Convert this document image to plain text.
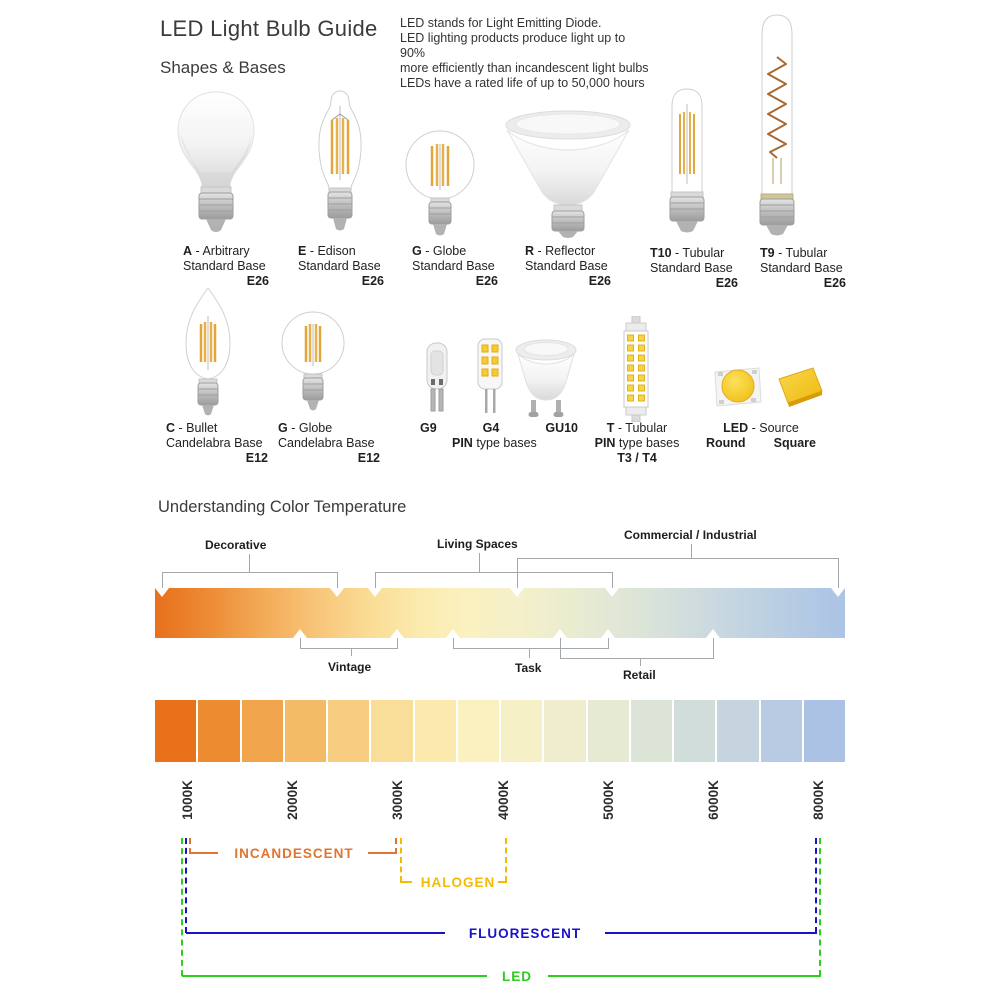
LED Light Bulb Guide
Shapes & Bases
LED stands for Light Emitting Diode.
LED lighting products produce light up to 90%
more efficiently than incandescent light bulbs
LEDs have a rated life of up to 50,000 hours
A - Arbitrary
Standard Base
E26
E - Edison
Standard Base
E26
G - Globe
Standard Base
E26
R - Reflector
Standard Base
E26
T10 - Tubular
Standard Base
E26
T9 - Tubular
Standard Base
E26
C - Bullet
Candelabra Base
E12
G - Globe
Candelabra Base
E12
G9	G4	GU10
PIN type bases
T - Tubular
PIN type bases
T3 / T4
LED - Source
Round Square
Understanding Color Temperature
Decorative	Living Spaces
Commercial / Industrial
Vintage	Task	Retail
INCANDESCENT
HALOGEN
FLUORESCENT
LED
1000K	2000K	3000K	4000K	5000K	6000K	8000K
